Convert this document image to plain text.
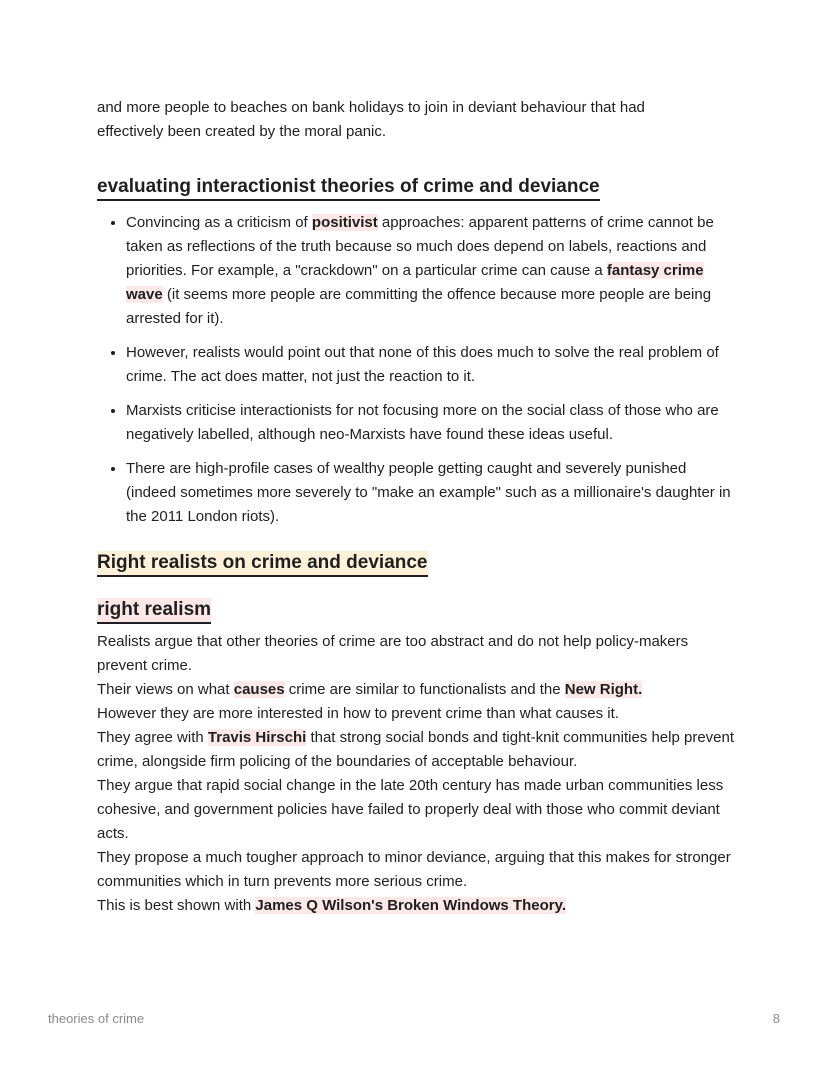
and more people to beaches on bank holidays to join in deviant behaviour that had
effectively been created by the moral panic.

evaluating interactionist theories of crime and deviance
• Convincing as a criticism of positivist approaches: apparent patterns of crime cannot be taken as reflections of the truth because so much does depend on labels, reactions and priorities. For example, a "crackdown" on a particular crime can cause a fantasy crime wave (it seems more people are committing the offence because more people are being arrested for it).
• However, realists would point out that none of this does much to solve the real problem of crime. The act does matter, not just the reaction to it.
• Marxists criticise interactionists for not focusing more on the social class of those who are negatively labelled, although neo-Marxists have found these ideas useful.
• There are high-profile cases of wealthy people getting caught and severely punished (indeed sometimes more severely to "make an example" such as a millionaire's daughter in the 2011 London riots).
Right realists on crime and deviance
right realism

Realists argue that other theories of crime are too abstract and do not help policy-makers prevent crime.

Their views on what causes crime are similar to functionalists and the New Right.

However they are more interested in how to prevent crime than what causes it.

They agree with Travis Hirschi that strong social bonds and tight-knit communities help prevent crime, alongside firm policing of the boundaries of acceptable behaviour.

They argue that rapid social change in the late 20th century has made urban communities less cohesive, and government policies have failed to properly deal with those who commit deviant acts.

They propose a much tougher approach to minor deviance, arguing that this makes for stronger communities which in turn prevents more serious crime.

This is best shown with James Q Wilson's Broken Windows Theory.

theories of crime	8
